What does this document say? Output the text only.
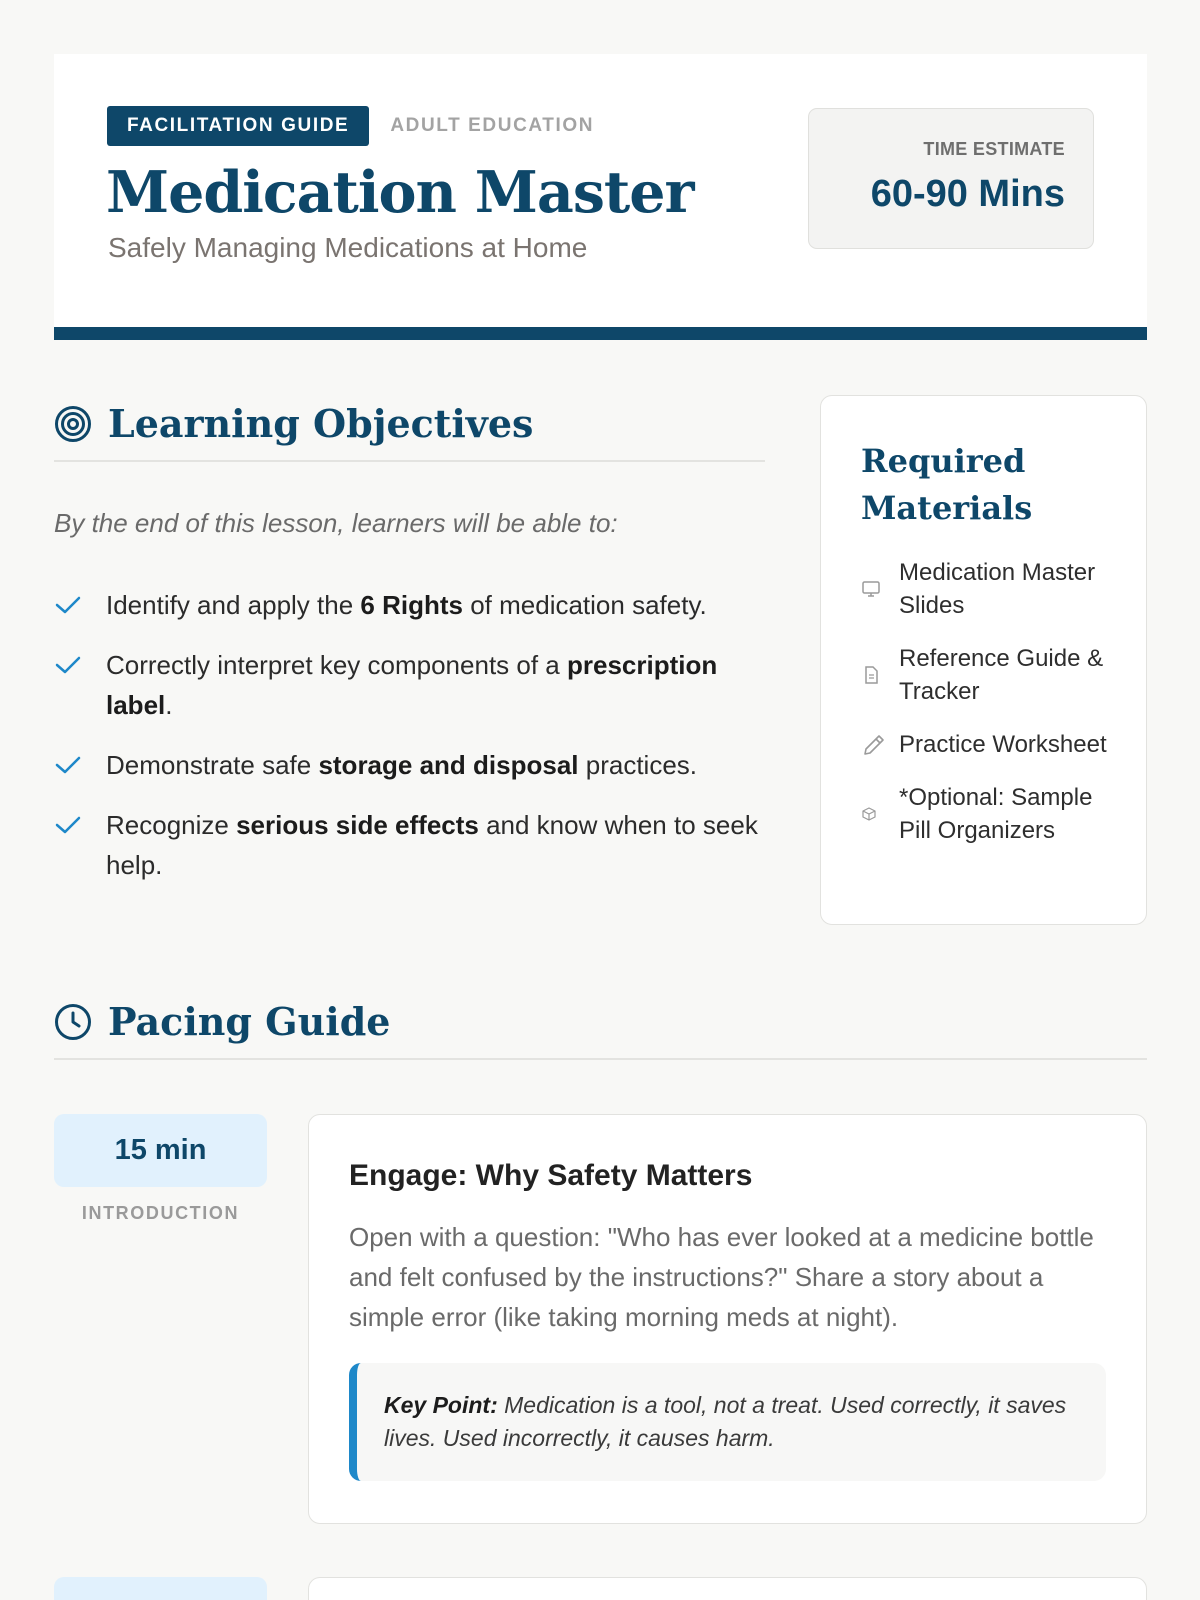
FACILITATION GUIDE	ADULT EDUCATION
Medication Master
Safely Managing Medications at Home
TIME ESTIMATE
60-90 Mins
Learning Objectives
By the end of this lesson, learners will be able to:
Identify and apply the 6 Rights of medication safety.
Correctly interpret key components of a prescription label.
Demonstrate safe storage and disposal practices.
Recognize serious side effects and know when to seek help.
Required Materials
Medication Master Slides
Reference Guide & Tracker
Practice Worksheet
*Optional: Sample Pill Organizers
Pacing Guide
15 min
INTRODUCTION
Engage: Why Safety Matters

Open with a question: "Who has ever looked at a medicine bottle and felt confused by the instructions?" Share a story about a simple error (like taking morning meds at night).

Key Point: Medication is a tool, not a treat. Used correctly, it saves lives. Used incorrectly, it causes harm.
